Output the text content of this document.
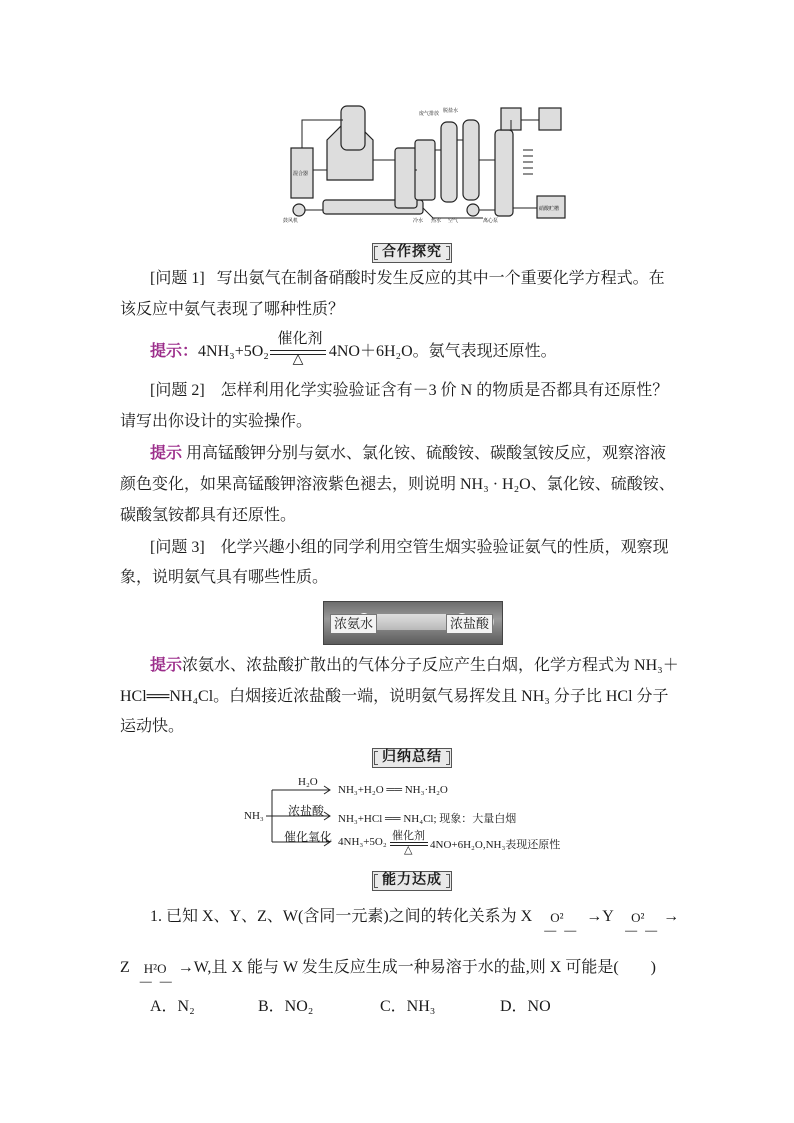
鼓风机
废气排放 脱盐水
冷水 热水 空气	离心泵
混合器
硝酸贮槽
合作探究
[问题 1] 写出氨气在制备硝酸时发生反应的其中一个重要化学方程式。在
该反应中氨气表现了哪种性质？
提示：4NH₃+5O₂	4NO＋6H₂O。氨气表现还原性。
催化剂
△
[问题 2] 怎样利用化学实验验证含有－3 价 N 的物质是否都具有还原性？
请写出你设计的实验操作。
提示 用高锰酸钾分别与氨水、氯化铵、硫酸铵、碳酸氢铵反应，观察溶液
颜色变化，如果高锰酸钾溶液紫色褪去，则说明 NH₃ · H₂O、氯化铵、硫酸铵、
碳酸氢铵都具有还原性。
[问题 3] 化学兴趣小组的同学利用空管生烟实验验证氨气的性质，观察现
象，说明氨气具有哪些性质。
浓氨水	浓盐酸
提示浓氨水、浓盐酸扩散出的气体分子反应产生白烟，化学方程式为 NH₃＋
HCl══NH₄Cl。白烟接近浓盐酸一端，说明氨气易挥发且 NH₃ 分子比 HCl 分子
运动快。
归纳总结
NH₃
H₂O
NH₃+H₂O ══ NH₃·H₂O
浓盐酸
NH₃+HCl ══ NH₄Cl; 现象：大量白烟
催化氧化 4NH₃+5O₂ 催化剂
△ 4NO+6H₂O,NH₃表现还原性
能力达成
1. 已知 X、Y、Z、W(含同一元素)之间的转化关系为 X O²
－ －
→Y O²
－ －
→
Z H²O
－ －
→W,且 X 能与 W 发生反应生成一种易溶于水的盐,则 X 可能是(　　)
A．N₂	B．NO₂	C．NH₃	D．NO
